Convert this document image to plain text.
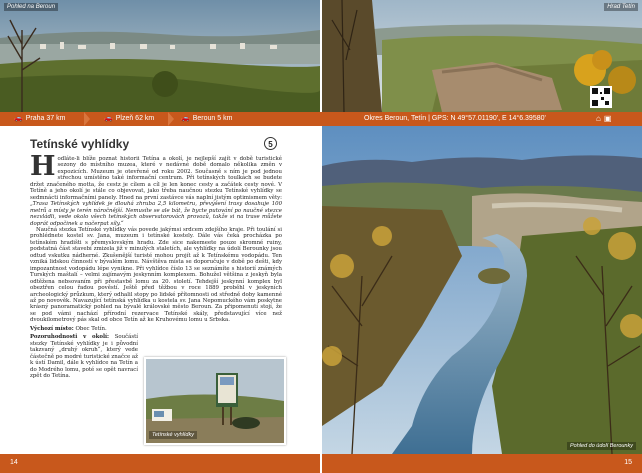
Pohled na Beroun	Hrad Tetín
🚗 Praha 37 km	🚗 Plzeň 62 km	🚗 Beroun 5 km	Okres Beroun, Tetín | GPS: N 49°57.01190', E 14°6.39580'	⌂ ▣
Tetínské vyhlídky	5

Hodláte-li blíže poznat historii Tetína a okolí, je nejlepší zajít v době turistické sezony do místního muzea, které v nedávné době domalo několika změn v expozicích. Muzeum je otevřené od roku 2002. Současně s ním je pod jednou střechou umístěno také informační centrum. Při tetínských toulkách se budete držet značeného motta, že cestz je cílem a cíl je len konec cesty a začátek cesty nové. V Tetíně a jeho okolí je stále co objevovat, jako třeba naučnou stezku Tetínské vyhlídky se sedmnácti informačními panely. Hned na první zastávce vás naplní jistým optimismem věty: „Trasa Tetínských vyhlídek je dlouhá zhruba 2,5 kilometru, převýšení trasy dosahuje 100 metrů a místy je terén náročnější. Nemusíte se ale bát, že bycte putování po naučné stezce nezvládli, vede okolo všech tetínských observatorovách provozů, takže si na trase můžete doprát odpočinek a načerpat síly.“

Naučná stezka Tetínské vyhlídky vás povede jakýmsi srdcem zdejšího kraje. Při toulání si prohlédnete kostel sv. Jana, muzeum i tetínské kostely. Dále vás čeká procházka po tetínském hradišti s přemyslovským hradu. Zde sice nakemeete pouze skromné ruiny, podstatná část stavebí zmizela již v minulých staletích, ale vyhlídky na údolí Berounky jsou odtud vskutku nádherné. Zkušenější turisté mohou projít až k Tetínskému vodopádu. Ten vzniká lidskou činností v bývalém lomu. Návštěva místa se doporučuje v době po dešti, kdy impozantnost vodopádu lépe vynikne. Při vyhlídce číslo 13 se seznámíte s historií známých Turských maštalí – velmi zajímavým jeskynním komplexem. Bohužel většina z jeskyň byla odtěžena nebsovaním při přestavbě lomu za 20. století. Tehdejší jeskynní komplex byl obeztřen celou řadou pověstí. Ještě před těžbou v roce 1889 proběhl v jeskyních archeologický průzkum, který odhalil stopy po lidské přítomnosti od středně doby kamenné až po novověk. Navazující tetínská vyhlídka u kostela sv. Jana Nepomuckého vám poskytne krásný panoramatický pohled na bývalé královské město Beroun. Za připomenutí stojí, že se pod vámi nachází přírodní rezervace Tetínské skály, představující více než dvoukilometrový pás skal od obce Tetín až ke Kruhovému lomu u Srbska.

Výchozí místo: Obec Tetín.

Pozoruhodnosti v okolí: Součástí stezky Tetínské vyhlídky je i původní takzvaný „druhý okruh“, který vede částečně po modré turistické značce až k ústí Damil, dále k vyhlídce na Tetín a do Modrého lomu, poté se opět navrací zpět do Tetína.

Tetínské vyhlídky
Pohled do údolí Berounky
14	15
